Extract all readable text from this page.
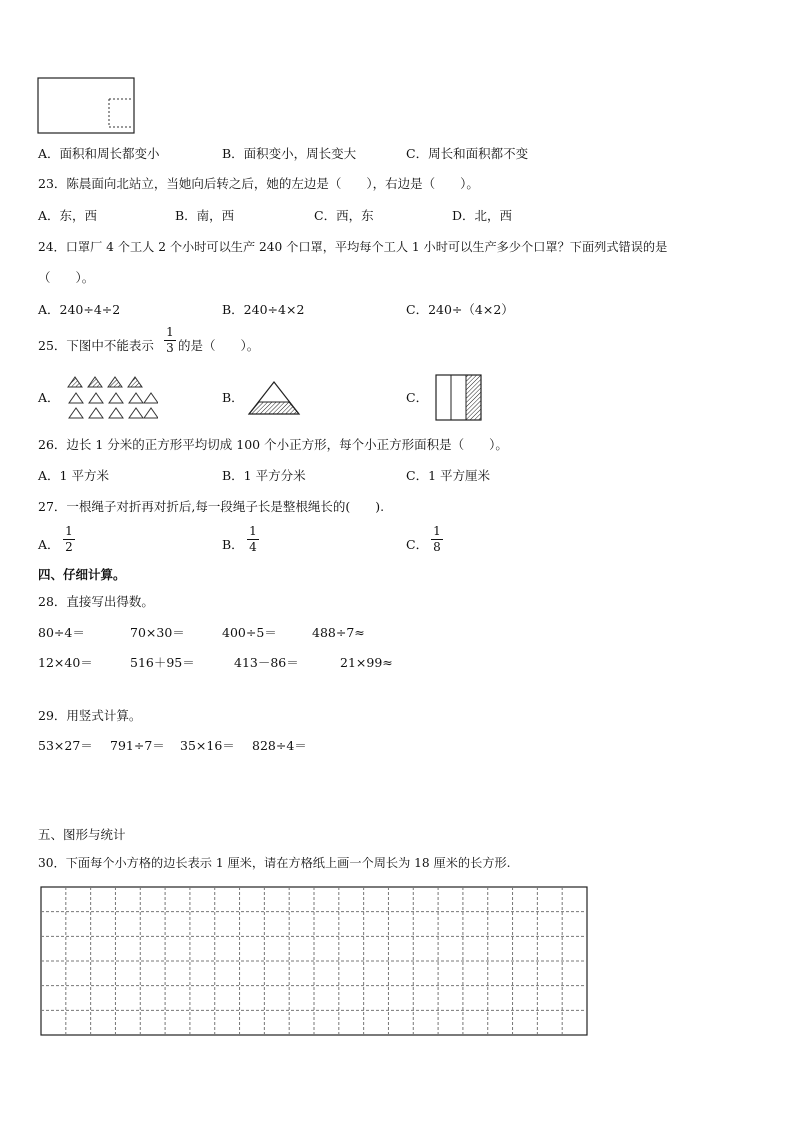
A．面积和周长都变小	B．面积变小，周长变大	C．周长和面积都不变
23．陈晨面向北站立，当她向后转之后，她的左边是（　　），右边是（　　）。
A．东，西	B．南，西	C．西，东	D．北，西
24．口罩厂 4 个工人 2 个小时可以生产 240 个口罩，平均每个工人 1 小时可以生产多少个口罩？下面列式错误的是
（　　）。
A．240÷4÷2	B．240÷4×2	C．240÷（4×2）
25．下图中不能表示
1
3 的是（　　）。
A．	B．	C．
26．边长 1 分米的正方形平均切成 100 个小正方形，每个小正方形面积是（　　）。
A．1 平方米	B．1 平方分米	C．1 平方厘米
27．一根绳子对折再对折后,每一段绳子长是整根绳长的(　　).
A．
1
2	B．
1
4	C．
1
8
四、仔细计算。
28．直接写出得数。
80÷4＝	70×30＝	400÷5＝	488÷7≈
12×40＝	516＋95＝	413－86＝	21×99≈
29．用竖式计算。
53×27＝ 791÷7＝ 35×16＝ 828÷4＝
五、图形与统计
30．下面每个小方格的边长表示 1 厘米，请在方格纸上画一个周长为 18 厘米的长方形.
